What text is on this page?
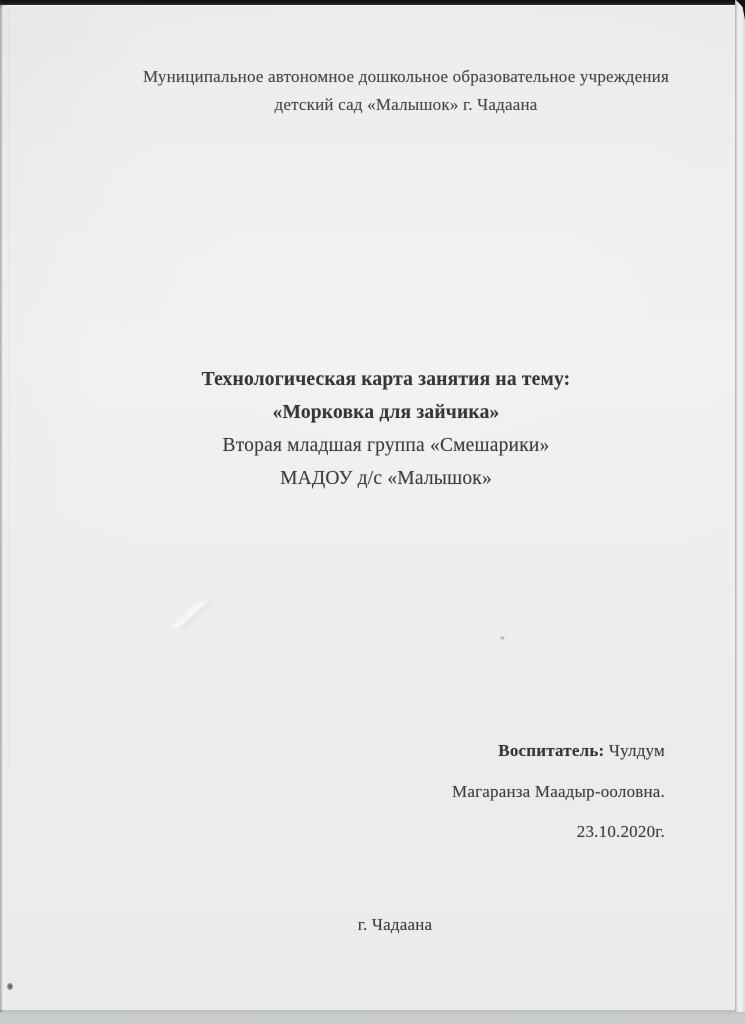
Муниципальное автономное дошкольное образовательное учреждения
детский сад «Малышок» г. Чадаана
Технологическая карта занятия на тему:
«Морковка для зайчика»
Вторая младшая группа «Смешарики»
МАДОУ д/с «Малышок»
Воспитатель: Чулдум
Магаранза Маадыр-ооловна.
23.10.2020г.
г. Чадаана
